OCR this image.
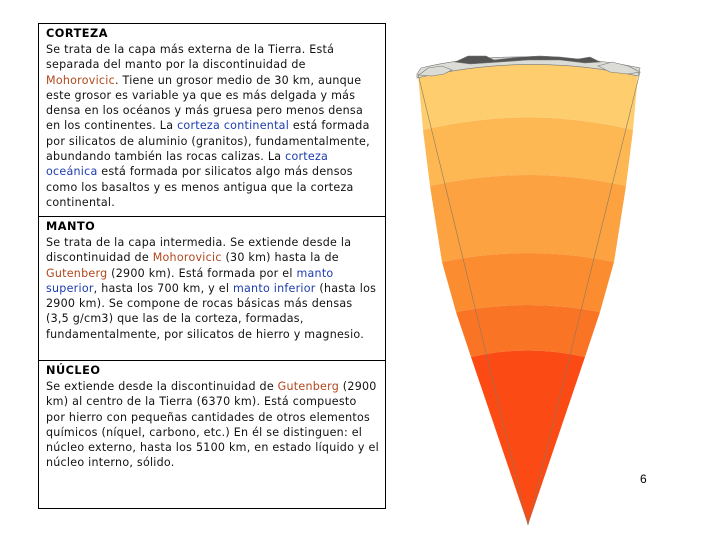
CORTEZA
Se trata de la capa más externa de la Tierra. Está separada del manto por la discontinuidad de Mohorovicic. Tiene un grosor medio de 30 km, aunque este grosor es variable ya que es más delgada y más densa en los océanos y más gruesa pero menos densa en los continentes. La corteza continental está formada por silicatos de aluminio (granitos), fundamentalmente, abundando también las rocas calizas. La corteza oceánica está formada por silicatos algo más densos como los basaltos y es menos antigua que la corteza continental.
MANTO
Se trata de la capa intermedia. Se extiende desde la discontinuidad de Mohorovicic (30 km) hasta la de Gutenberg (2900 km). Está formada por el manto superior, hasta los 700 km, y el manto inferior (hasta los 2900 km). Se compone de rocas básicas más densas (3,5 g/cm3) que las de la corteza, formadas, fundamentalmente, por silicatos de hierro y magnesio.
NÚCLEO
Se extiende desde la discontinuidad de Gutenberg (2900 km) al centro de la Tierra (6370 km). Está compuesto por hierro con pequeñas cantidades de otros elementos químicos (níquel, carbono, etc.) En él se distinguen: el núcleo externo, hasta los 5100 km, en estado líquido y el núcleo interno, sólido.
6
